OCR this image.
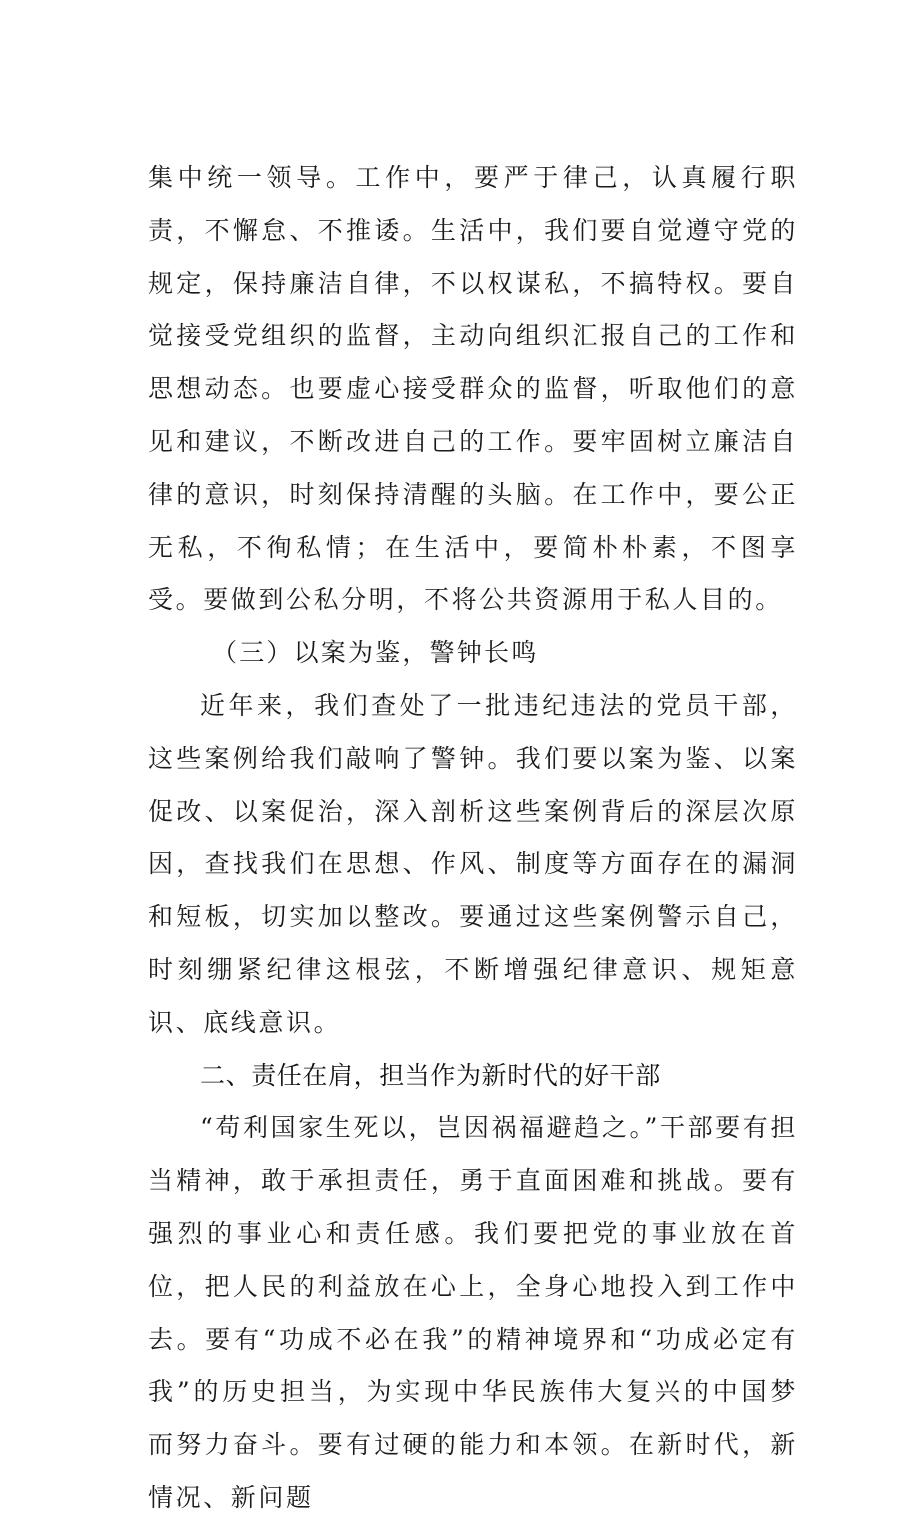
集中统一领导。工作中，要严于律己，认真履行职责，不懈怠、不推诿。生活中，我们要自觉遵守党的规定，保持廉洁自律，不以权谋私，不搞特权。要自觉接受党组织的监督，主动向组织汇报自己的工作和思想动态。也要虚心接受群众的监督，听取他们的意见和建议，不断改进自己的工作。要牢固树立廉洁自律的意识，时刻保持清醒的头脑。在工作中，要公正无私，不徇私情；在生活中，要简朴朴素，不图享受。要做到公私分明，不将公共资源用于私人目的。

（三）以案为鉴，警钟长鸣

近年来，我们查处了一批违纪违法的党员干部，这些案例给我们敲响了警钟。我们要以案为鉴、以案促改、以案促治，深入剖析这些案例背后的深层次原因，查找我们在思想、作风、制度等方面存在的漏洞和短板，切实加以整改。要通过这些案例警示自己，时刻绷紧纪律这根弦，不断增强纪律意识、规矩意识、底线意识。

二、责任在肩，担当作为新时代的好干部

“苟利国家生死以，岂因祸福避趋之。”干部要有担当精神，敢于承担责任，勇于直面困难和挑战。要有强烈的事业心和责任感。我们要把党的事业放在首位，把人民的利益放在心上，全身心地投入到工作中去。要有“功成不必在我”的精神境界和“功成必定有我”的历史担当，为实现中华民族伟大复兴的中国梦而努力奋斗。要有过硬的能力和本领。在新时代，新情况、新问题
